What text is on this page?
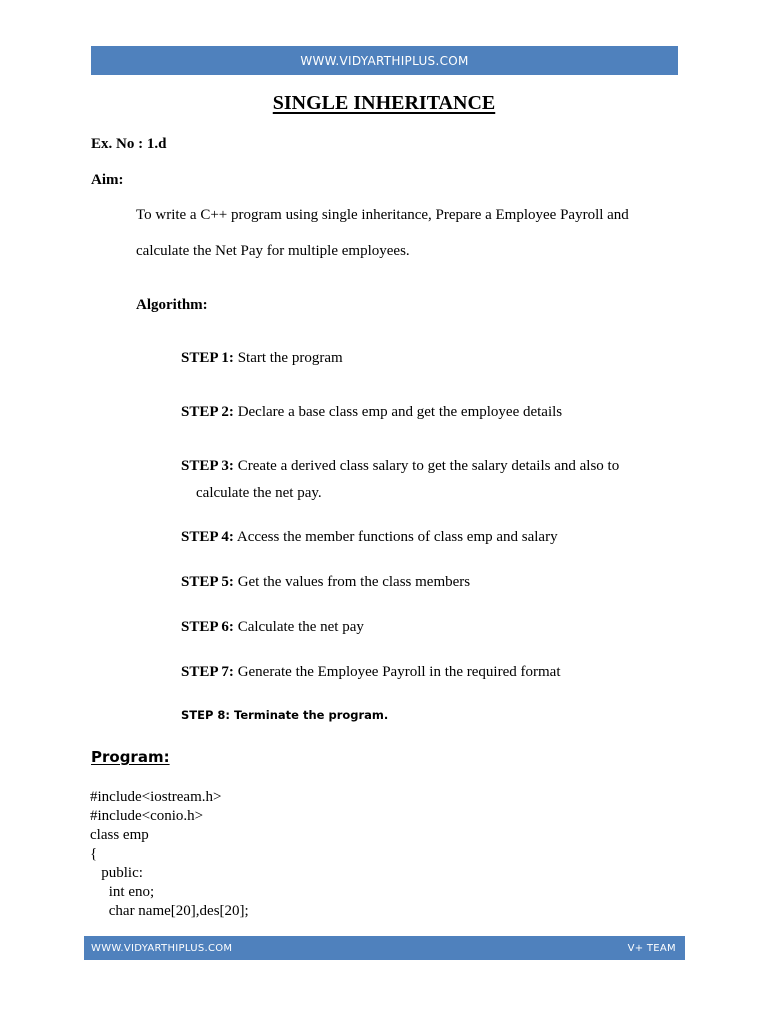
WWW.VIDYARTHIPLUS.COM
SINGLE INHERITANCE
Ex. No : 1.d
Aim:
To write a C++ program using single inheritance, Prepare a Employee Payroll and
calculate the Net Pay for multiple employees.
Algorithm:
STEP 1: Start the program
STEP 2: Declare a base class emp and get the employee details
STEP 3: Create a derived class salary to get the salary details and also to
calculate the net pay.
STEP 4: Access the member functions of class emp and salary
STEP 5: Get the values from the class members
STEP 6: Calculate the net pay
STEP 7: Generate the Employee Payroll in the required format
STEP 8: Terminate the program.
Program:
#include<iostream.h>
#include<conio.h>
class emp
{
public:
int eno;
char name[20],des[20];
WWW.VIDYARTHIPLUS.COM	V+ TEAM
